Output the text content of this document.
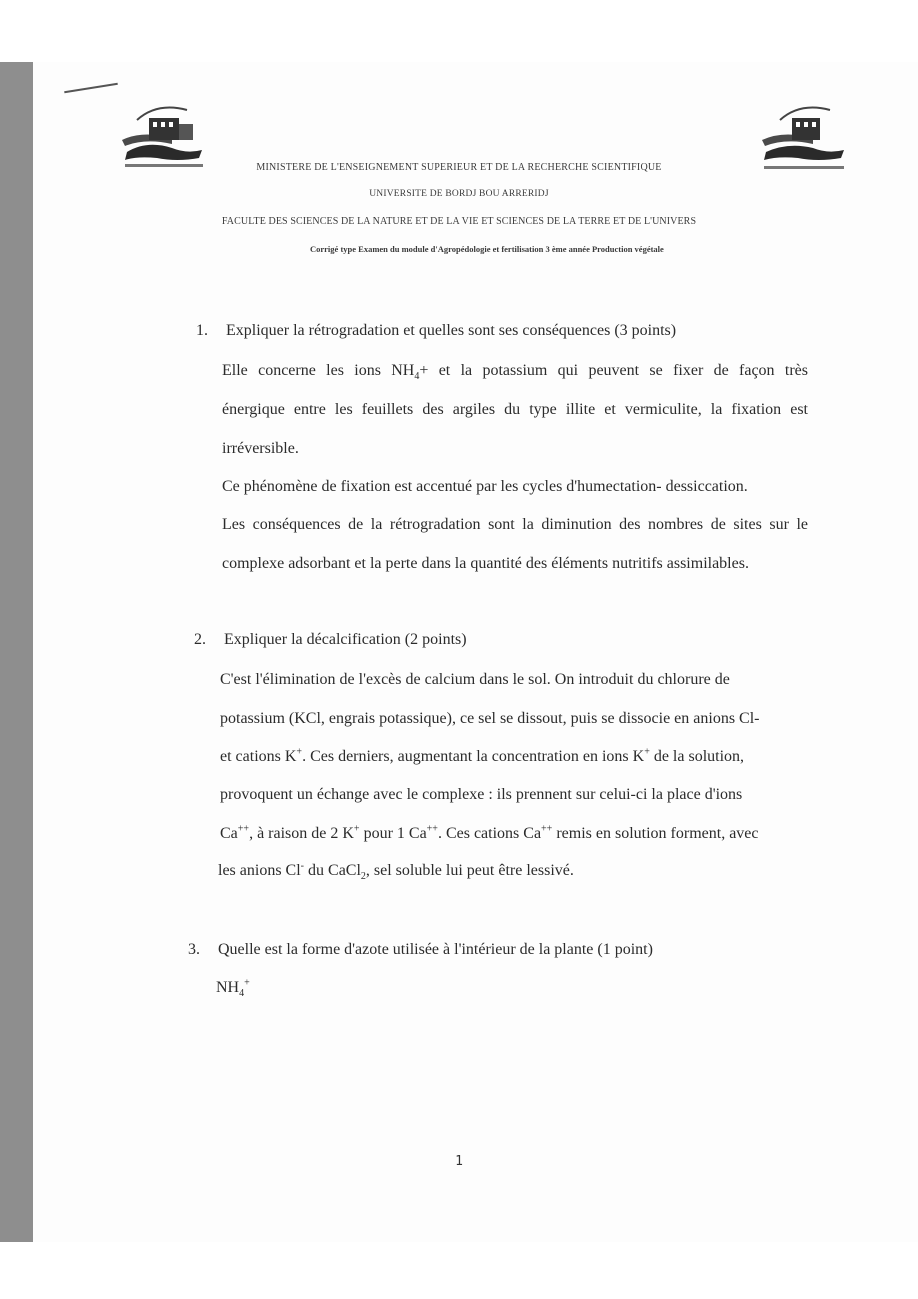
MINISTERE DE L'ENSEIGNEMENT SUPERIEUR ET DE LA RECHERCHE SCIENTIFIQUE
UNIVERSITE DE BORDJ BOU ARRERIDJ
FACULTE DES SCIENCES DE LA NATURE ET DE LA VIE ET SCIENCES DE LA TERRE ET DE L'UNIVERS
Corrigé type Examen du module d'Agropédologie et fertilisation 3 ème année Production végétale
1. Expliquer la rétrogradation et quelles sont ses conséquences (3 points)
Elle concerne les ions $NH_4+$ et la potassium qui peuvent se fixer de façon très
énergique entre les feuillets des argiles du type illite et vermiculite, la fixation est
irréversible.
Ce phénomène de fixation est accentué par les cycles d'humectation- dessiccation.
Les conséquences de la rétrogradation sont la diminution des nombres de sites sur le
complexe adsorbant et la perte dans la quantité des éléments nutritifs assimilables.
2. Expliquer la décalcification (2 points)
C'est l'élimination de l'excès de calcium dans le sol. On introduit du chlorure de
potassium (KCl, engrais potassique), ce sel se dissout, puis se dissocie en anions Cl-
et cations K+. Ces derniers, augmentant la concentration en ions K+ de la solution,
provoquent un échange avec le complexe : ils prennent sur celui-ci la place d'ions
Ca++, à raison de 2 K+ pour 1 Ca++. Ces cations Ca++ remis en solution forment, avec
les anions Cl- du CaCl$_2$, sel soluble lui peut être lessivé.
3. Quelle est la forme d'azote utilisée à l'intérieur de la plante (1 point)
$NH_4^+$
1
